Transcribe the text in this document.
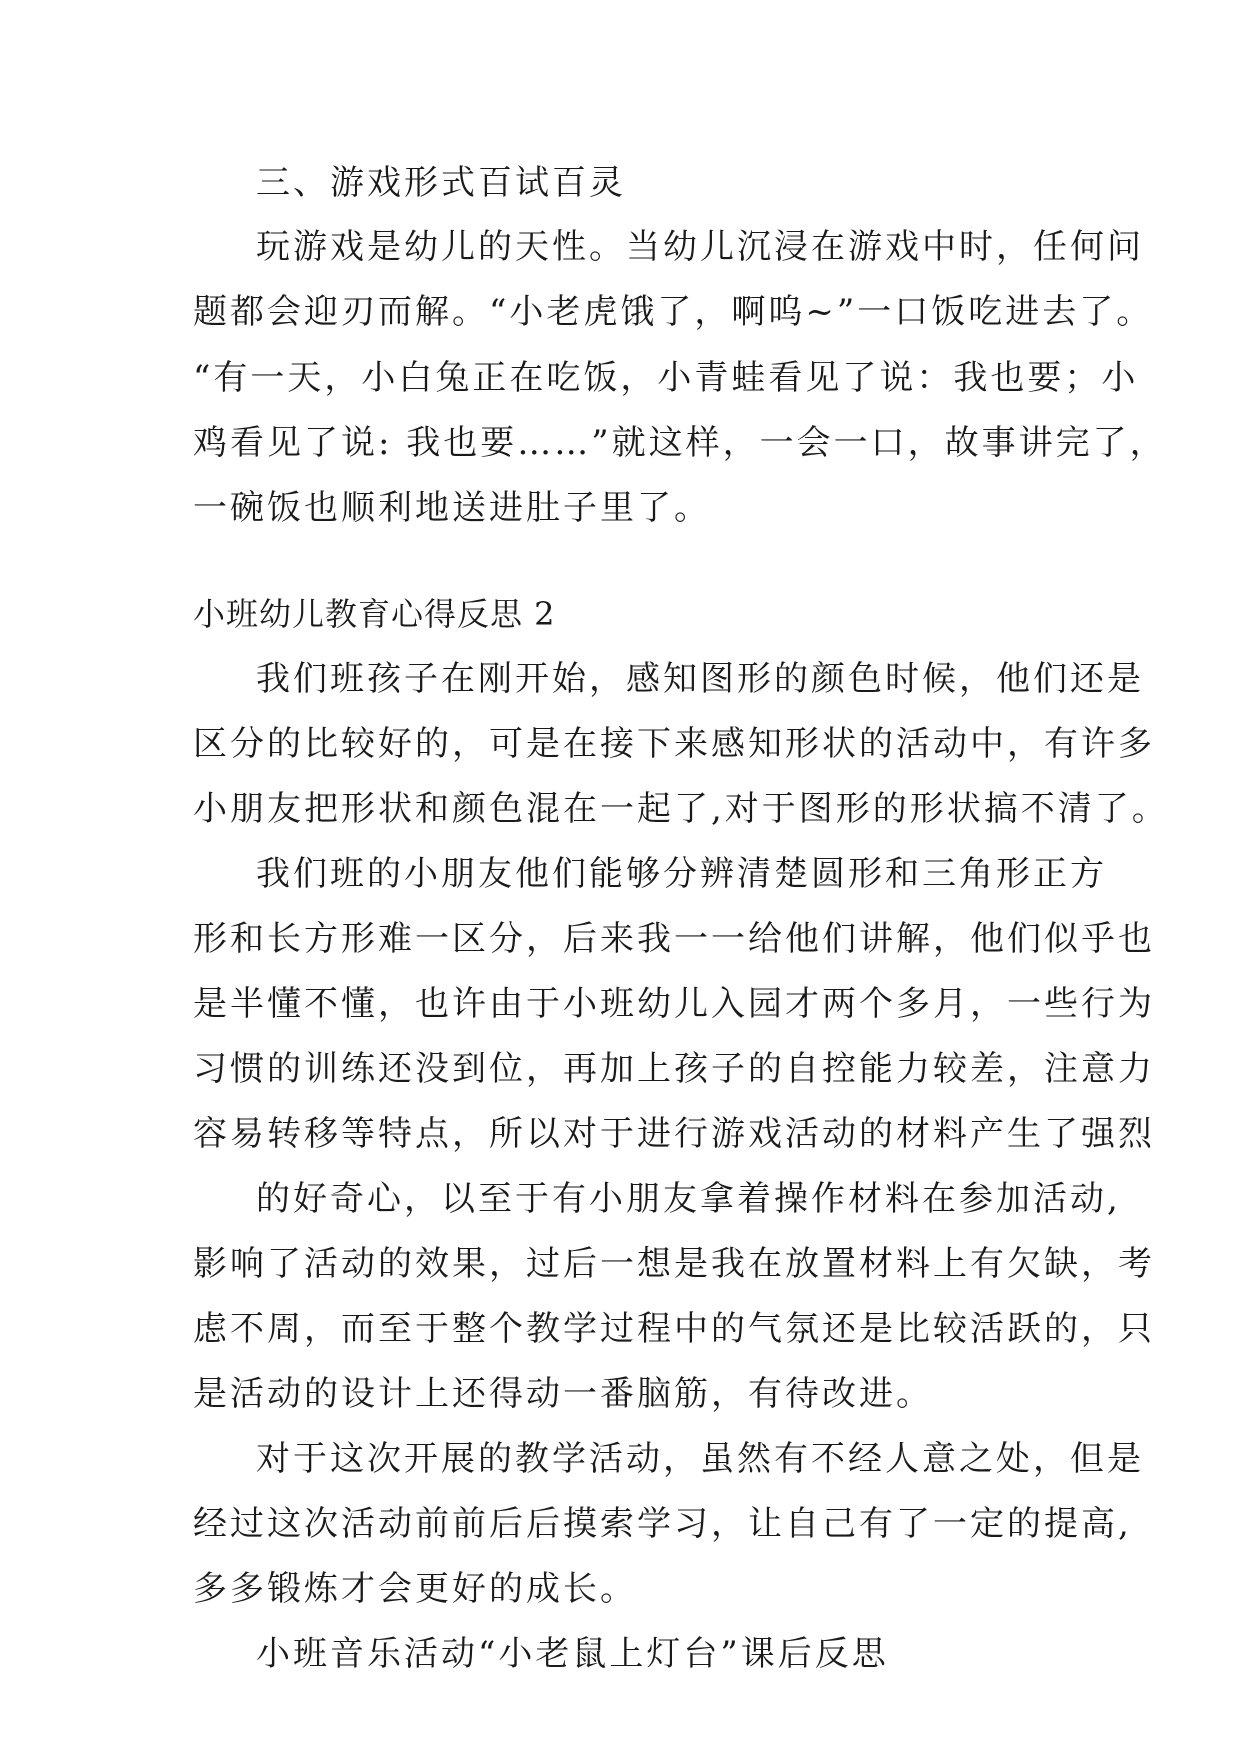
三、游戏形式百试百灵
玩游戏是幼儿的天性。当幼儿沉浸在游戏中时，任何问
题都会迎刃而解。“小老虎饿了，啊呜~”一口饭吃进去了。
“有一天，小白兔正在吃饭，小青蛙看见了说：我也要；小
鸡看见了说: 我也要……”就这样，一会一口，故事讲完了，
一碗饭也顺利地送进肚子里了。
小班幼儿教育心得反思 2
我们班孩子在刚开始，感知图形的颜色时候，他们还是
区分的比较好的，可是在接下来感知形状的活动中，有许多
小朋友把形状和颜色混在一起了,对于图形的形状搞不清了。
我们班的小朋友他们能够分辨清楚圆形和三角形正方
形和长方形难一区分，后来我一一给他们讲解，他们似乎也
是半懂不懂，也许由于小班幼儿入园才两个多月，一些行为
习惯的训练还没到位，再加上孩子的自控能力较差，注意力
容易转移等特点，所以对于进行游戏活动的材料产生了强烈
的好奇心，以至于有小朋友拿着操作材料在参加活动,
影响了活动的效果，过后一想是我在放置材料上有欠缺，考
虑不周，而至于整个教学过程中的气氛还是比较活跃的，只
是活动的设计上还得动一番脑筋，有待改进。
对于这次开展的教学活动，虽然有不经人意之处，但是
经过这次活动前前后后摸索学习，让自己有了一定的提高,
多多锻炼才会更好的成长。
小班音乐活动“小老鼠上灯台”课后反思
